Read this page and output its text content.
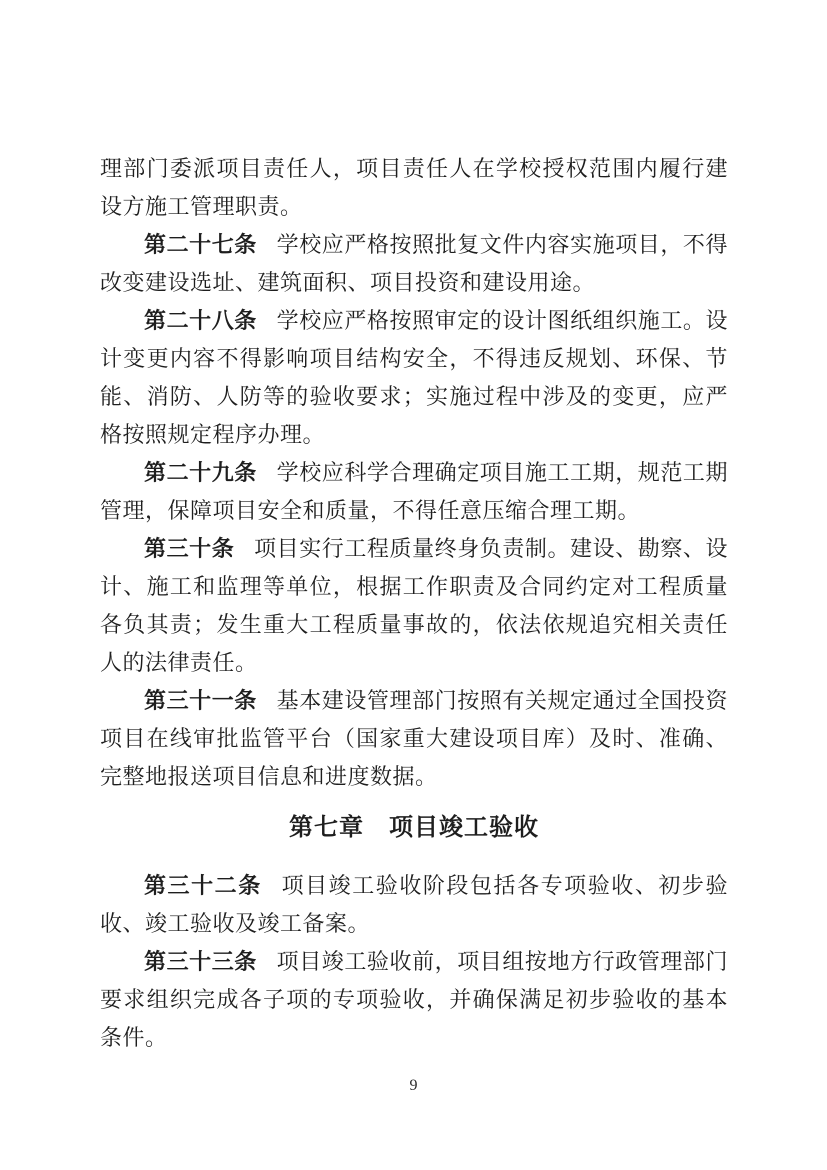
理部门委派项目责任人，项目责任人在学校授权范围内履行建设方施工管理职责。

第二十七条 学校应严格按照批复文件内容实施项目，不得改变建设选址、建筑面积、项目投资和建设用途。

第二十八条 学校应严格按照审定的设计图纸组织施工。设计变更内容不得影响项目结构安全，不得违反规划、环保、节能、消防、人防等的验收要求；实施过程中涉及的变更，应严格按照规定程序办理。

第二十九条 学校应科学合理确定项目施工工期，规范工期管理，保障项目安全和质量，不得任意压缩合理工期。

第三十条 项目实行工程质量终身负责制。建设、勘察、设计、施工和监理等单位，根据工作职责及合同约定对工程质量各负其责；发生重大工程质量事故的，依法依规追究相关责任人的法律责任。

第三十一条 基本建设管理部门按照有关规定通过全国投资项目在线审批监管平台（国家重大建设项目库）及时、准确、完整地报送项目信息和进度数据。

第七章　项目竣工验收

第三十二条 项目竣工验收阶段包括各专项验收、初步验收、竣工验收及竣工备案。

第三十三条 项目竣工验收前，项目组按地方行政管理部门要求组织完成各子项的专项验收，并确保满足初步验收的基本条件。

9
